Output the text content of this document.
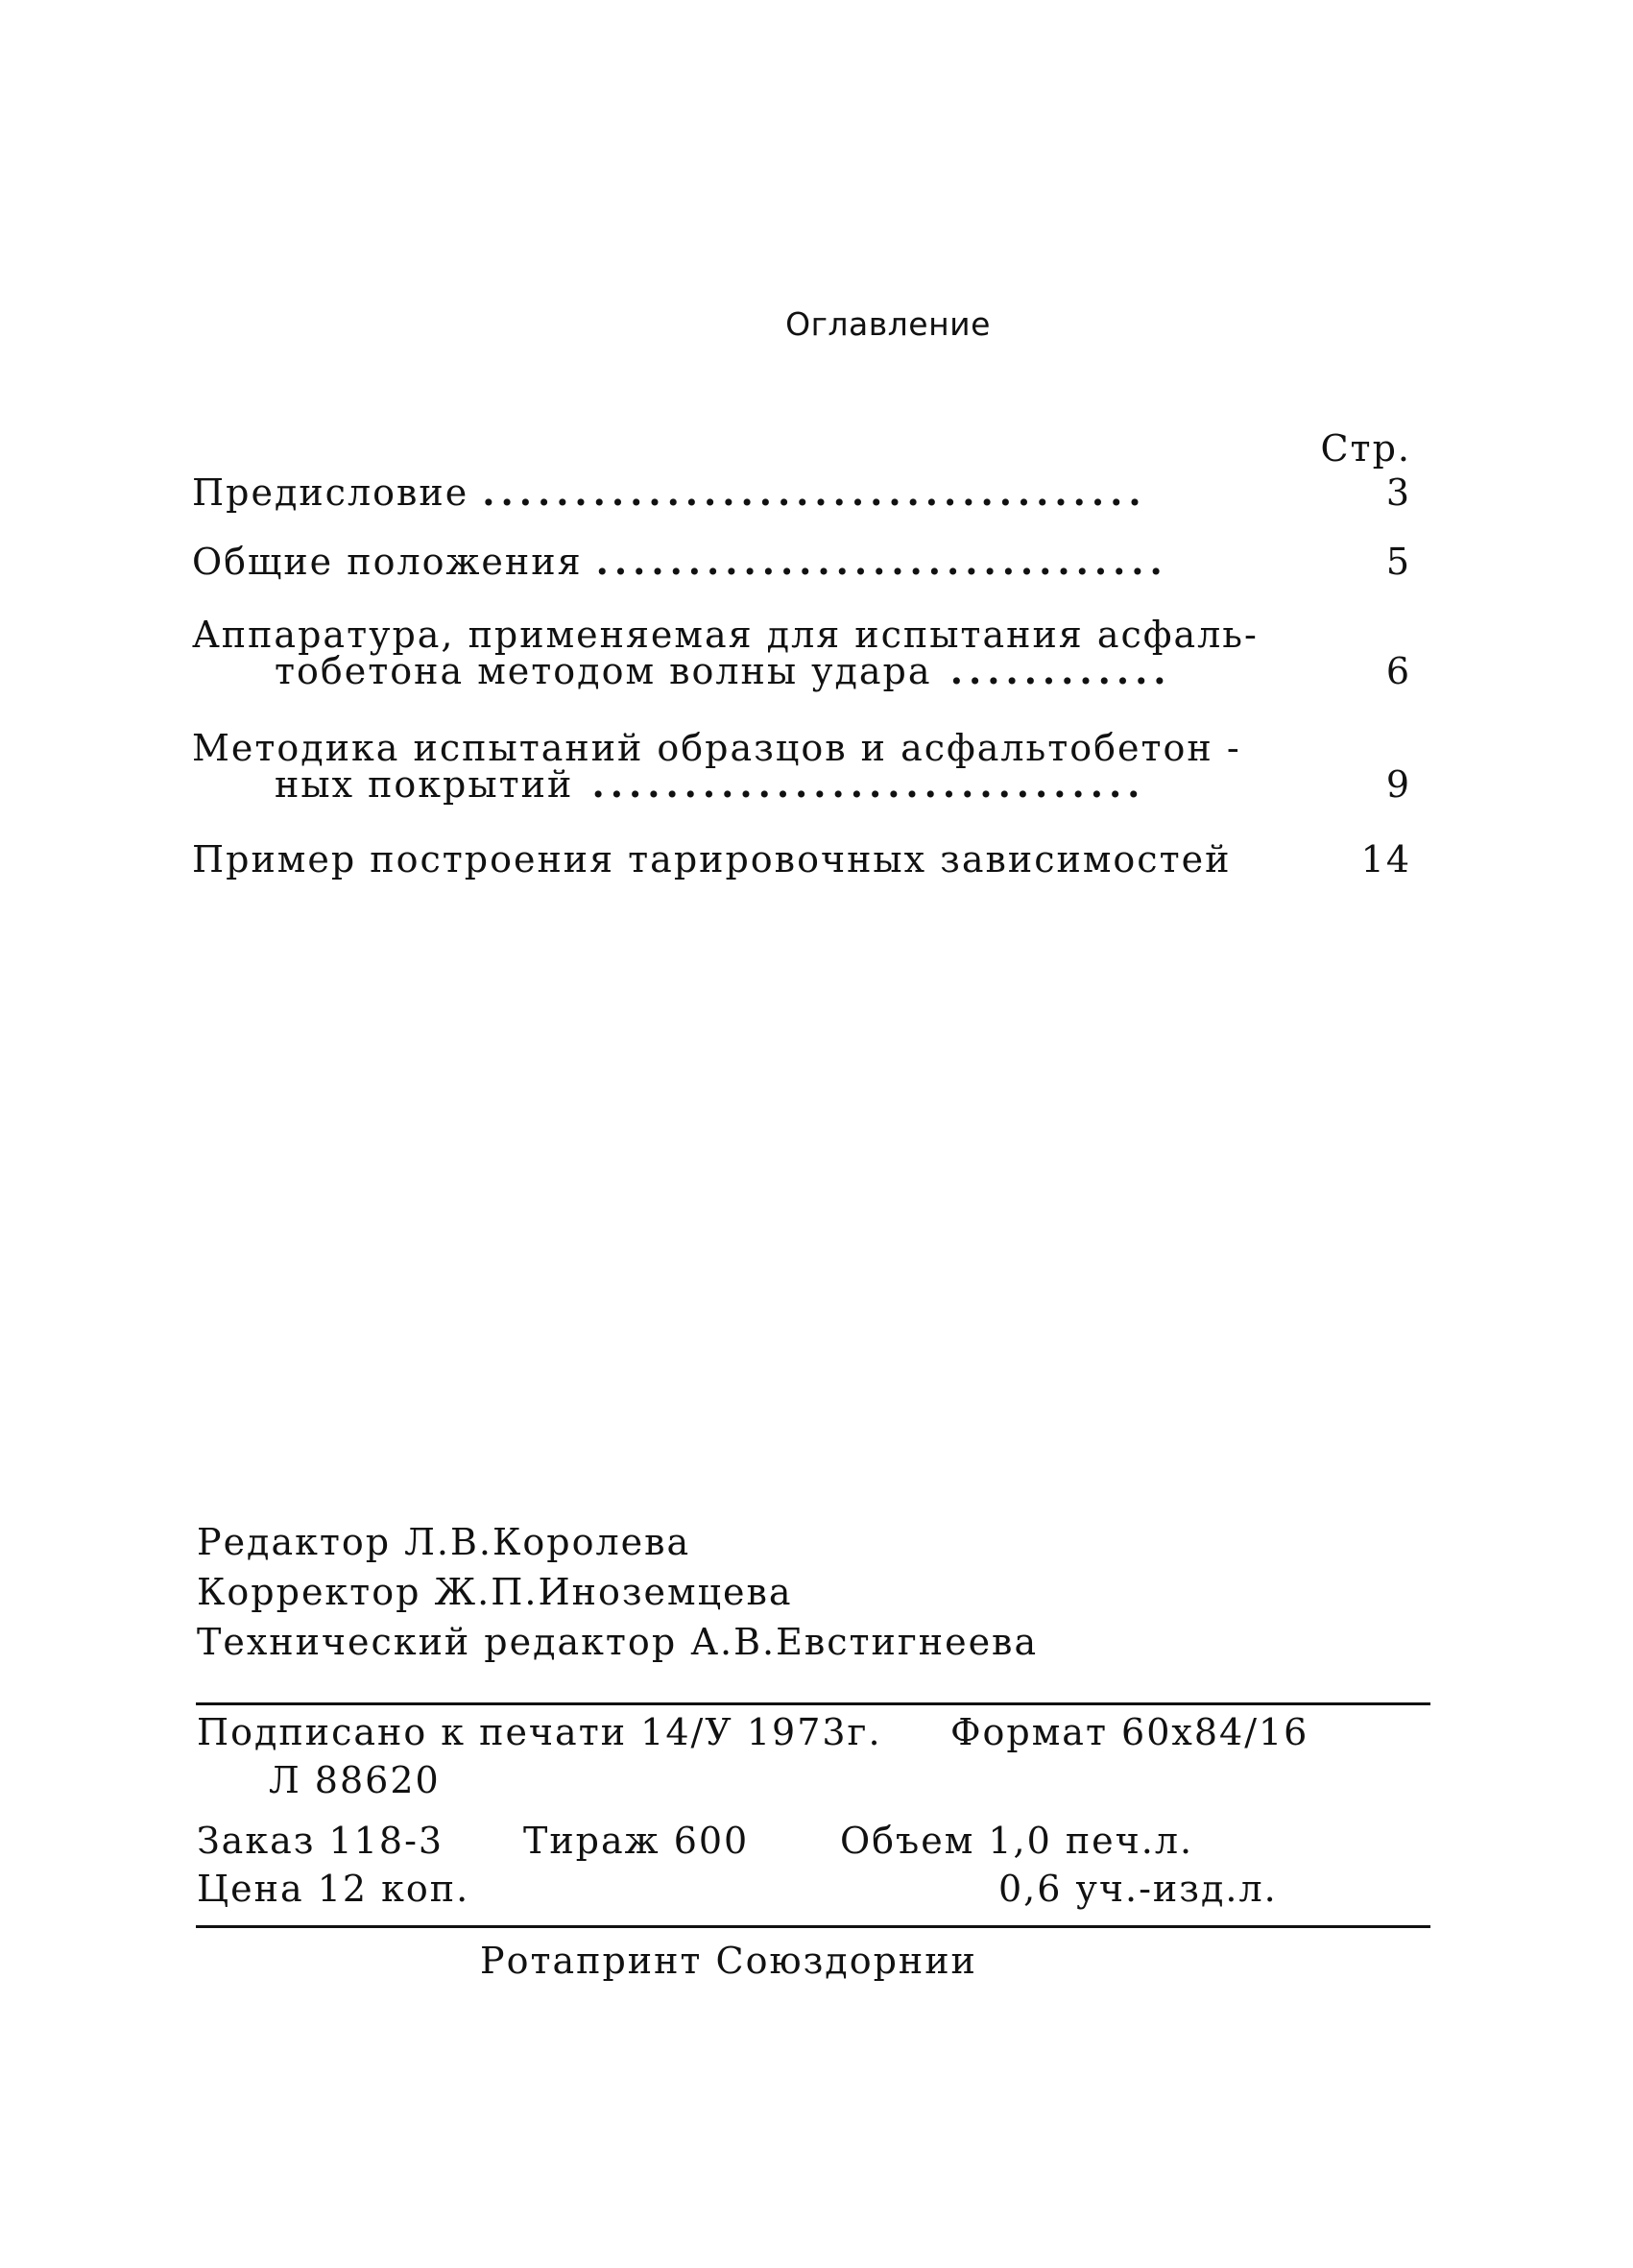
Оглавление
Стр.
Предисловие ....................................	3
Общие положения ...............................	5
Аппаратура, применяемая для испытания асфаль-
тобетона методом волны удара ............	6
Методика испытаний образцов и асфальтобетон -
ных покрытий ..............................	9
Пример построения тарировочных зависимостей	14
Редактор Л.В.Королева
Корректор Ж.П.Иноземцева
Технический редактор А.В.Евстигнеева
Подписано к печати 14/У 1973г. Формат 60х84/16
Л 88620
Заказ 118-3 Тираж 600 Объем 1,0 печ.л.
Цена 12 коп.	0,6 уч.-изд.л.
Ротапринт Союздорнии
